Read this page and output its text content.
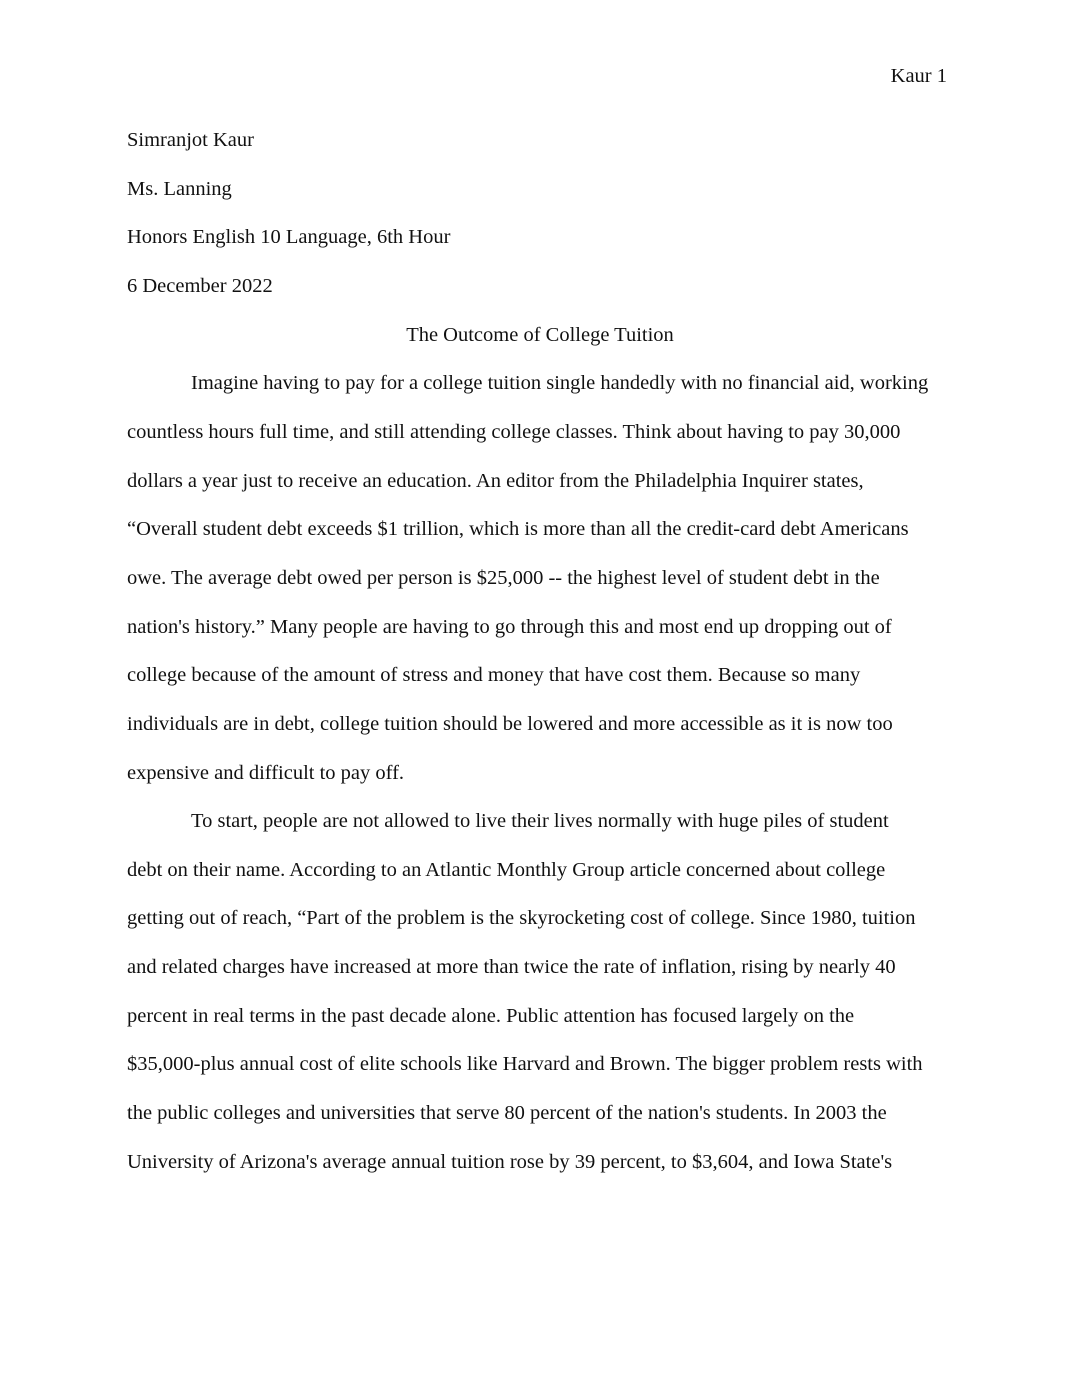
Kaur 1
Simranjot Kaur
Ms. Lanning
Honors English 10 Language, 6th Hour
6 December 2022
The Outcome of College Tuition
Imagine having to pay for a college tuition single handedly with no financial aid, working
countless hours full time, and still attending college classes. Think about having to pay 30,000
dollars a year just to receive an education. An editor from the Philadelphia Inquirer states,
“Overall student debt exceeds $1 trillion, which is more than all the credit-card debt Americans
owe. The average debt owed per person is $25,000 -- the highest level of student debt in the
nation's history.” Many people are having to go through this and most end up dropping out of
college because of the amount of stress and money that have cost them. Because so many
individuals are in debt, college tuition should be lowered and more accessible as it is now too
expensive and difficult to pay off.
To start, people are not allowed to live their lives normally with huge piles of student
debt on their name. According to an Atlantic Monthly Group article concerned about college
getting out of reach, “Part of the problem is the skyrocketing cost of college. Since 1980, tuition
and related charges have increased at more than twice the rate of inflation, rising by nearly 40
percent in real terms in the past decade alone. Public attention has focused largely on the
$35,000-plus annual cost of elite schools like Harvard and Brown. The bigger problem rests with
the public colleges and universities that serve 80 percent of the nation's students. In 2003 the
University of Arizona's average annual tuition rose by 39 percent, to $3,604, and Iowa State's
